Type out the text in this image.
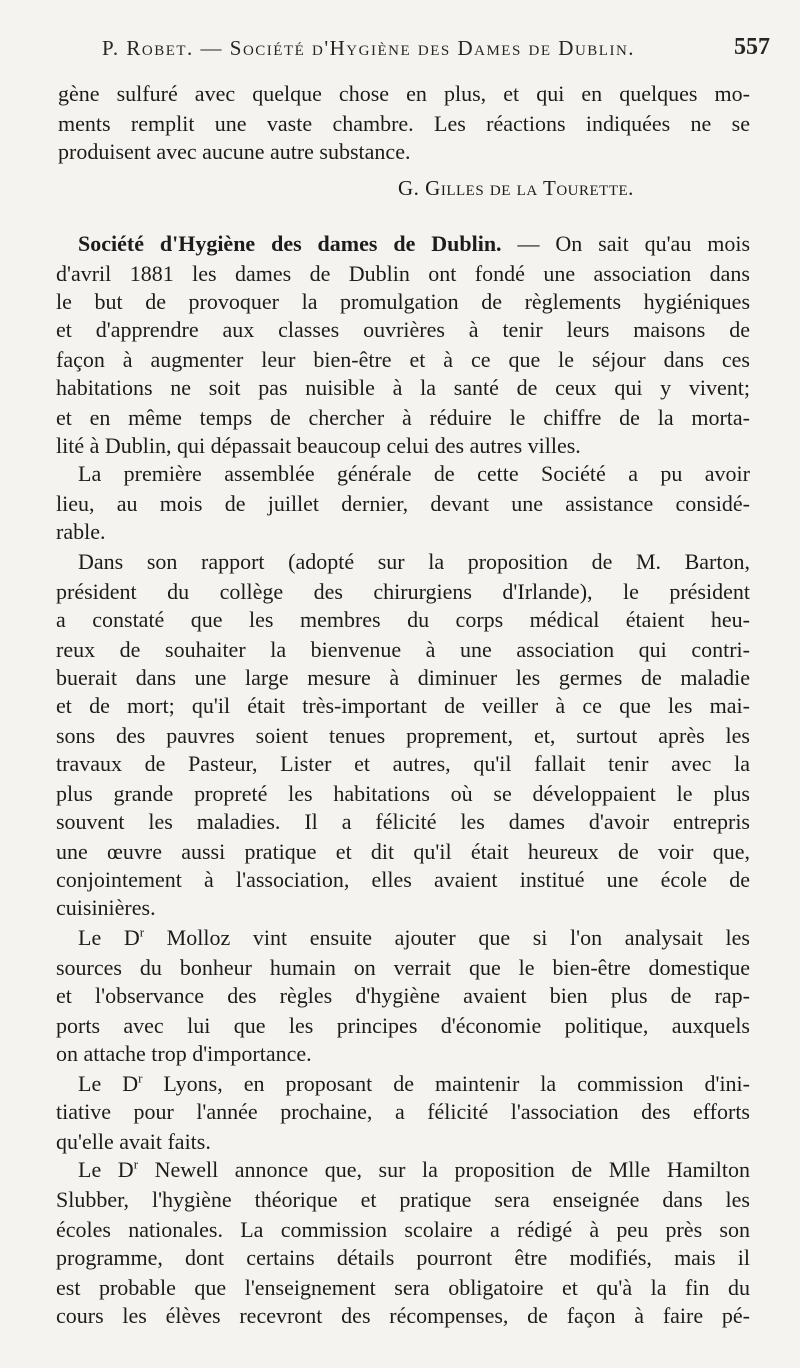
P. Robet. — Société d'Hygiène des Dames de Dublin.	557
gène sulfuré avec quelque chose en plus, et qui en quelques mo-
ments remplit une vaste chambre. Les réactions indiquées ne se
produisent avec aucune autre substance.
G. Gilles de la Tourette.
Société d'Hygiène des dames de Dublin. — On sait qu'au mois
d'avril 1881 les dames de Dublin ont fondé une association dans
le but de provoquer la promulgation de règlements hygiéniques
et d'apprendre aux classes ouvrières à tenir leurs maisons de
façon à augmenter leur bien-être et à ce que le séjour dans ces
habitations ne soit pas nuisible à la santé de ceux qui y vivent;
et en même temps de chercher à réduire le chiffre de la morta-
lité à Dublin, qui dépassait beaucoup celui des autres villes.
La première assemblée générale de cette Société a pu avoir
lieu, au mois de juillet dernier, devant une assistance considé-
rable.
Dans son rapport (adopté sur la proposition de M. Barton,
président du collège des chirurgiens d'Irlande), le président
a constaté que les membres du corps médical étaient heu-
reux de souhaiter la bienvenue à une association qui contri-
buerait dans une large mesure à diminuer les germes de maladie
et de mort; qu'il était très-important de veiller à ce que les mai-
sons des pauvres soient tenues proprement, et, surtout après les
travaux de Pasteur, Lister et autres, qu'il fallait tenir avec la
plus grande propreté les habitations où se développaient le plus
souvent les maladies. Il a félicité les dames d'avoir entrepris
une œuvre aussi pratique et dit qu'il était heureux de voir que,
conjointement à l'association, elles avaient institué une école de
cuisinières.
Le $D^r$ Molloz vint ensuite ajouter que si l'on analysait les
sources du bonheur humain on verrait que le bien-être domestique
et l'observance des règles d'hygiène avaient bien plus de rap-
ports avec lui que les principes d'économie politique, auxquels
on attache trop d'importance.
Le $D^r$ Lyons, en proposant de maintenir la commission d'ini-
tiative pour l'année prochaine, a félicité l'association des efforts
qu'elle avait faits.
Le $D^r$ Newell annonce que, sur la proposition de Mlle Hamilton
Slubber, l'hygiène théorique et pratique sera enseignée dans les
écoles nationales. La commission scolaire a rédigé à peu près son
programme, dont certains détails pourront être modifiés, mais il
est probable que l'enseignement sera obligatoire et qu'à la fin du
cours les élèves recevront des récompenses, de façon à faire pé-
